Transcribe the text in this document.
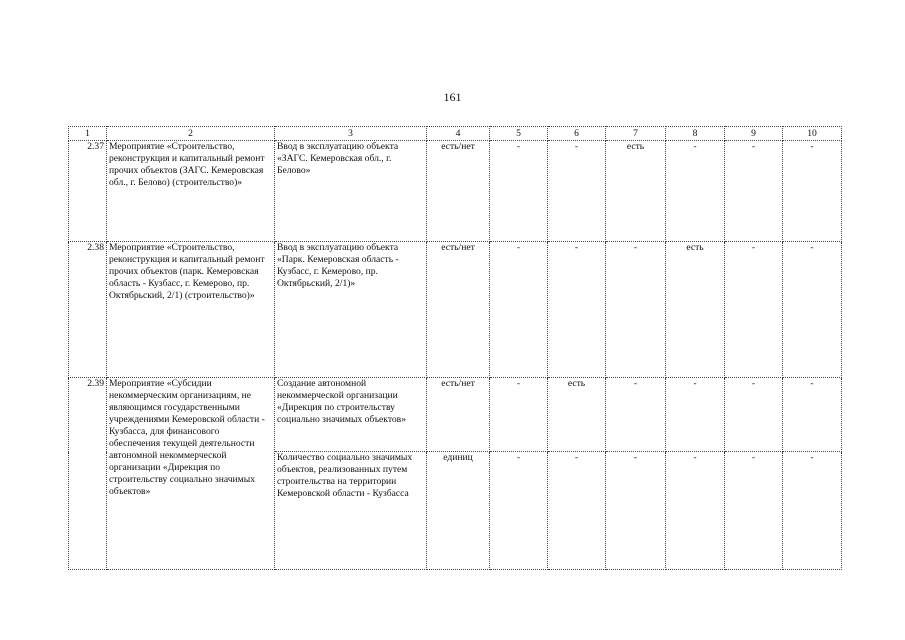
161
1	2	3	4	5	6	7	8	9	10
2.37	Мероприятие «Строительство, реконструкция и капитальный ремонт прочих объектов (ЗАГС. Кемеровская обл., г. Белово) (строительство)»	Ввод в эксплуатацию объекта «ЗАГС. Кемеровская обл., г. Белово»	есть/нет	-	-	есть	-	-	-
2.38	Мероприятие «Строительство, реконструкция и капитальный ремонт прочих объектов (парк. Кемеровская область - Кузбасс, г. Кемерово, пр. Октябрьский, 2/1) (строительство)»	Ввод в эксплуатацию объекта «Парк. Кемеровская область - Кузбасс, г. Кемерово, пр. Октябрьский, 2/1)»	есть/нет	-	-	-	есть	-	-
2.39	Мероприятие «Субсидии некоммерческим организациям, не являющимся государственными учреждениями Кемеровской области - Кузбасса, для финансового обеспечения текущей деятельности автономной некоммерческой организации «Дирекция по строительству социально значимых объектов»	Создание автономной некоммерческой организации «Дирекция по строительству социально значимых объектов»	есть/нет	-	есть	-	-	-	-
		Количество социально значимых объектов, реализованных путем строительства на территории Кемеровской области - Кузбасса	единиц	-	-	-	-	-	-
